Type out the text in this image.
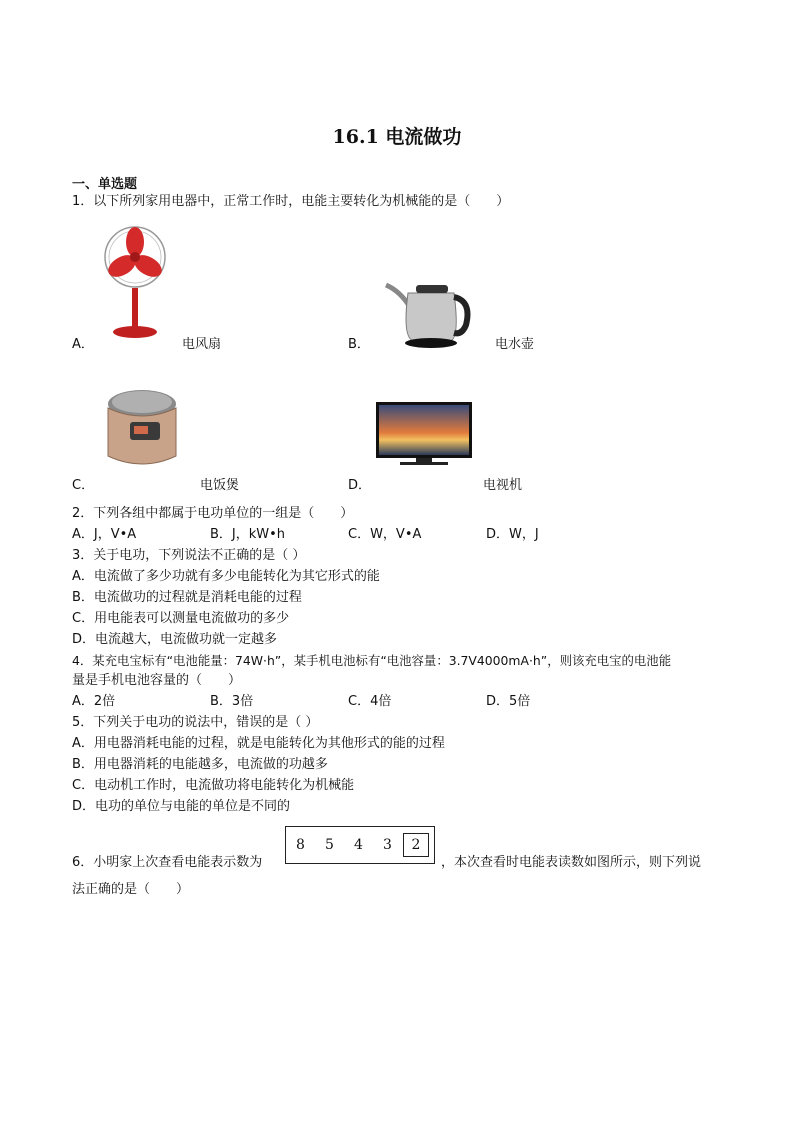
16.1 电流做功
一、单选题
1．以下所列家用电器中，正常工作时，电能主要转化为机械能的是（　　）
A．	电风扇	B．	电水壶
C．	电饭煲	D．	电视机
2．下列各组中都属于电功单位的一组是（　　）
A．J，V•A	B．J，kW•h	C．W，V•A	D．W，J
3．关于电功，下列说法不正确的是（ ）
A．电流做了多少功就有多少电能转化为其它形式的能
B．电流做功的过程就是消耗电能的过程
C．用电能表可以测量电流做功的多少
D．电流越大，电流做功就一定越多
4．某充电宝标有“电池能量：74W·h”，某手机电池标有“电池容量：3.7V4000mA·h”，则该充电宝的电池能
量是手机电池容量的（　　）
A．2倍	B．3倍	C．4倍	D．5倍
5．下列关于电功的说法中，错误的是（ ）
A．用电器消耗电能的过程，就是电能转化为其他形式的能的过程
B．用电器消耗的电能越多，电流做的功越多
C．电动机工作时，电流做功将电能转化为机械能
D．电功的单位与电能的单位是不同的
6．小明家上次查看电能表示数为
8	5	4	3	2
，本次查看时电能表读数如图所示，则下列说
法正确的是（　　）
